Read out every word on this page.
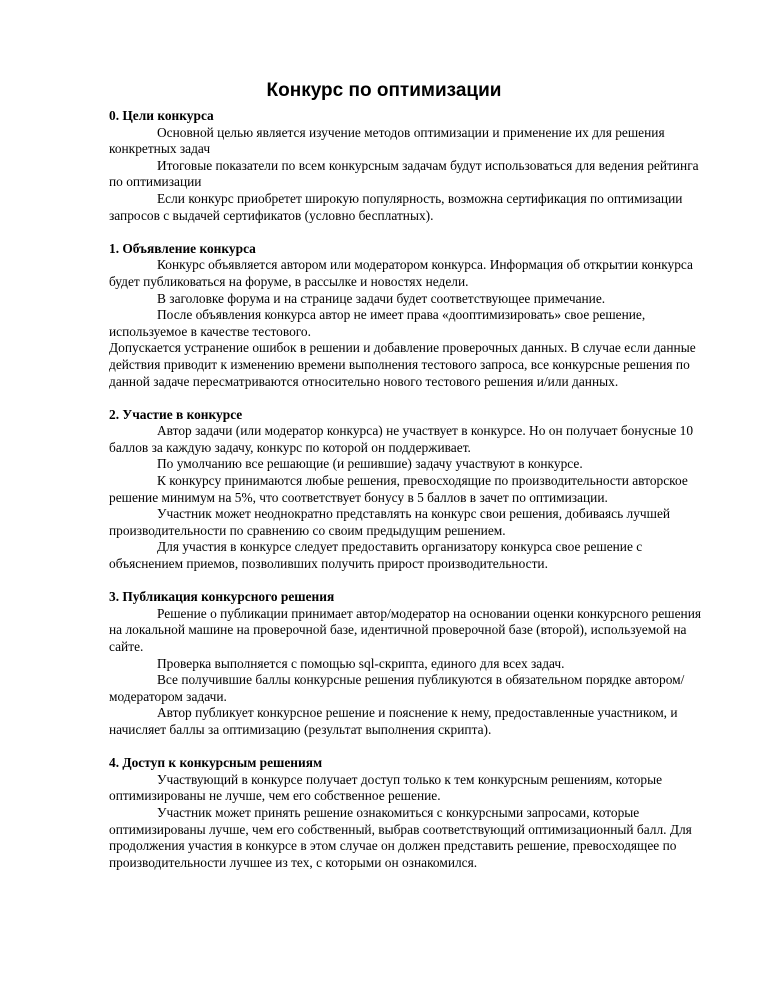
Конкурс по оптимизации

0. Цели конкурса

Основной целью является изучение методов оптимизации и применение их для решения конкретных задач

Итоговые показатели по всем конкурсным задачам будут использоваться для ведения рейтинга по оптимизации

Если конкурс приобретет широкую популярность, возможна сертификация по оптимизации запросов с выдачей сертификатов (условно бесплатных).

1. Объявление конкурса

Конкурс объявляется автором или модератором конкурса. Информация об открытии конкурса будет публиковаться на форуме, в рассылке и новостях недели.

В заголовке форума и на странице задачи будет соответствующее примечание.

После объявления конкурса автор не имеет права «дооптимизировать» свое решение, используемое в качестве тестового.

Допускается устранение ошибок в решении и добавление проверочных данных. В случае если данные действия приводит к изменению времени выполнения тестового запроса, все конкурсные решения по данной задаче пересматриваются относительно нового тестового решения и/или данных.

2. Участие в конкурсе

Автор задачи (или модератор конкурса) не участвует в конкурсе. Но он получает бонусные 10 баллов за каждую задачу, конкурс по которой он поддерживает.

По умолчанию все решающие (и решившие) задачу участвуют в конкурсе.

К конкурсу принимаются любые решения, превосходящие по производительности авторское решение минимум на 5%, что соответствует бонусу в 5 баллов в зачет по оптимизации.

Участник может неоднократно представлять на конкурс свои решения, добиваясь лучшей производительности по сравнению со своим предыдущим решением.

Для участия в конкурсе следует предоставить организатору конкурса свое решение с объяснением приемов, позволивших получить прирост производительности.

3. Публикация конкурсного решения

Решение о публикации принимает автор/модератор на основании оценки конкурсного решения на локальной машине на проверочной базе, идентичной проверочной базе (второй), используемой на сайте.

Проверка выполняется с помощью sql-скрипта, единого для всех задач.

Все получившие баллы конкурсные решения публикуются в обязательном порядке автором/модератором задачи.

Автор публикует конкурсное решение и пояснение к нему, предоставленные участником, и начисляет баллы за оптимизацию (результат выполнения скрипта).

4. Доступ к конкурсным решениям

Участвующий в конкурсе получает доступ только к тем конкурсным решениям, которые оптимизированы не лучше, чем его собственное решение.

Участник может принять решение ознакомиться с конкурсными запросами, которые оптимизированы лучше, чем его собственный, выбрав соответствующий оптимизационный балл. Для продолжения участия в конкурсе в этом случае он должен представить решение, превосходящее по производительности лучшее из тех, с которыми он ознакомился.
